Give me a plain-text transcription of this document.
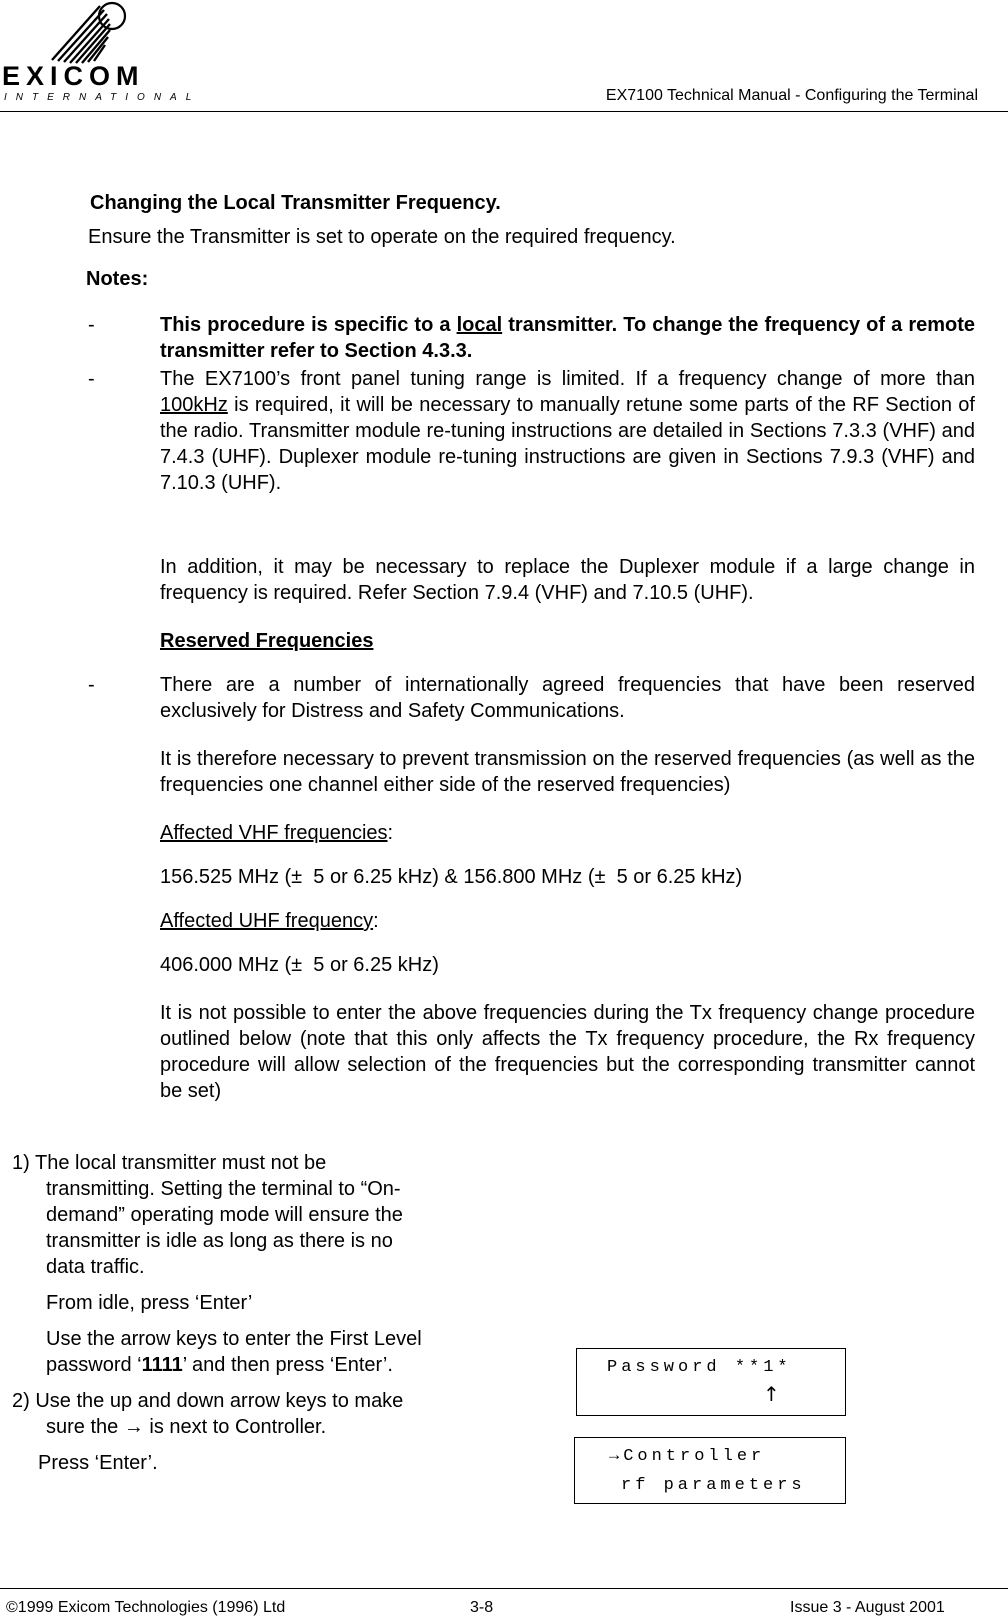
EXICOM
INTERNATIONAL	EX7100 Technical Manual - Configuring the Terminal
Changing the Local Transmitter Frequency.
Ensure the Transmitter is set to operate on the required frequency.
Notes:
-	This procedure is specific to a local transmitter. To change the frequency of a remote transmitter refer to Section 4.3.3.
-	The EX7100’s front panel tuning range is limited. If a frequency change of more than 100kHz is required, it will be necessary to manually retune some parts of the RF Section of the radio. Transmitter module re-tuning instructions are detailed in Sections 7.3.3 (VHF) and 7.4.3 (UHF). Duplexer module re-tuning instructions are given in Sections 7.9.3 (VHF) and 7.10.3 (UHF).
In addition, it may be necessary to replace the Duplexer module if a large change in frequency is required. Refer Section 7.9.4 (VHF) and 7.10.5 (UHF).
Reserved Frequencies
-	There are a number of internationally agreed frequencies that have been reserved exclusively for Distress and Safety Communications.
It is therefore necessary to prevent transmission on the reserved frequencies (as well as the frequencies one channel either side of the reserved frequencies)
Affected VHF frequencies:
156.525 MHz (±  5 or 6.25 kHz) & 156.800 MHz (±  5 or 6.25 kHz)
Affected UHF frequency:
406.000 MHz (±  5 or 6.25 kHz)
It is not possible to enter the above frequencies during the Tx frequency change procedure outlined below (note that this only affects the Tx frequency procedure, the Rx frequency procedure will allow selection of the frequencies but the corresponding transmitter cannot be set)
1) The local transmitter must not be
transmitting. Setting the terminal to “On-
demand” operating mode will ensure the
transmitter is idle as long as there is no
data traffic.
From idle, press ‘Enter’
Use the arrow keys to enter the First Level
password ‘1111’ and then press ‘Enter’.
2) Use the up and down arrow keys to make
sure the → is next to Controller.
Press ‘Enter’.
Password **1*
↑
→Controller
rf parameters
©1999 Exicom Technologies (1996) Ltd	3-8	Issue 3 - August 2001
